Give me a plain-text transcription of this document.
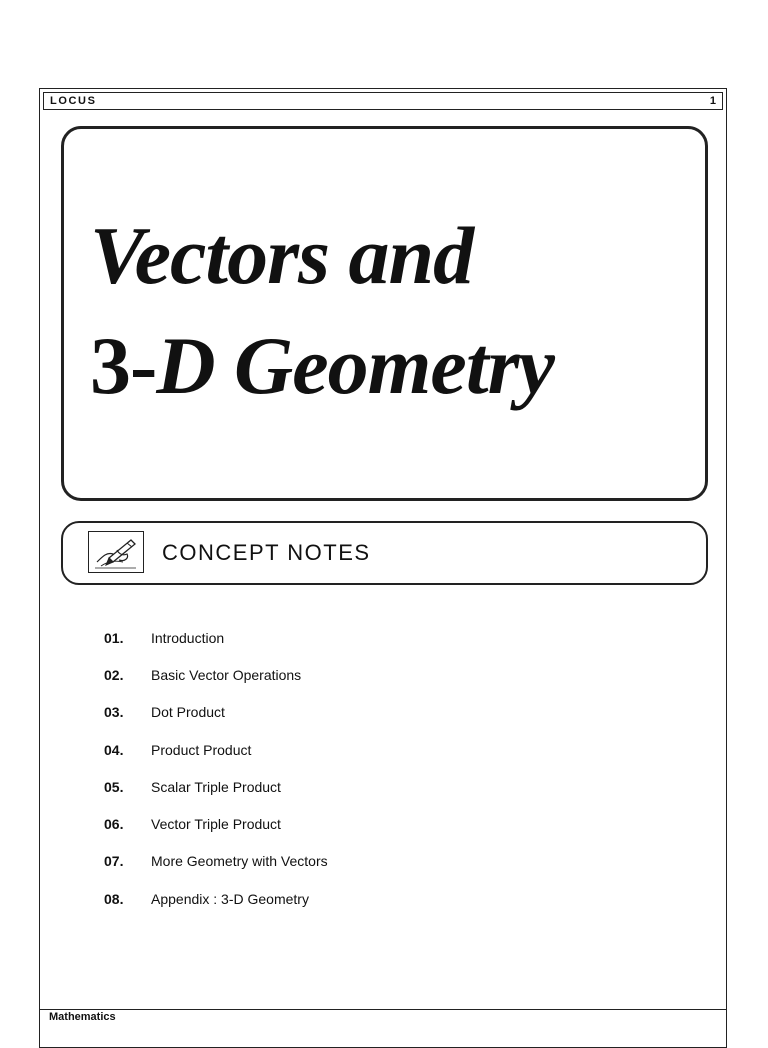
LOCUS	1
Vectors and
3-D Geometry
CONCEPT NOTES
01. Introduction
02. Basic Vector Operations
03. Dot Product
04. Product Product
05. Scalar Triple Product
06. Vector Triple Product
07. More Geometry with Vectors
08. Appendix : 3-D Geometry
Mathematics
